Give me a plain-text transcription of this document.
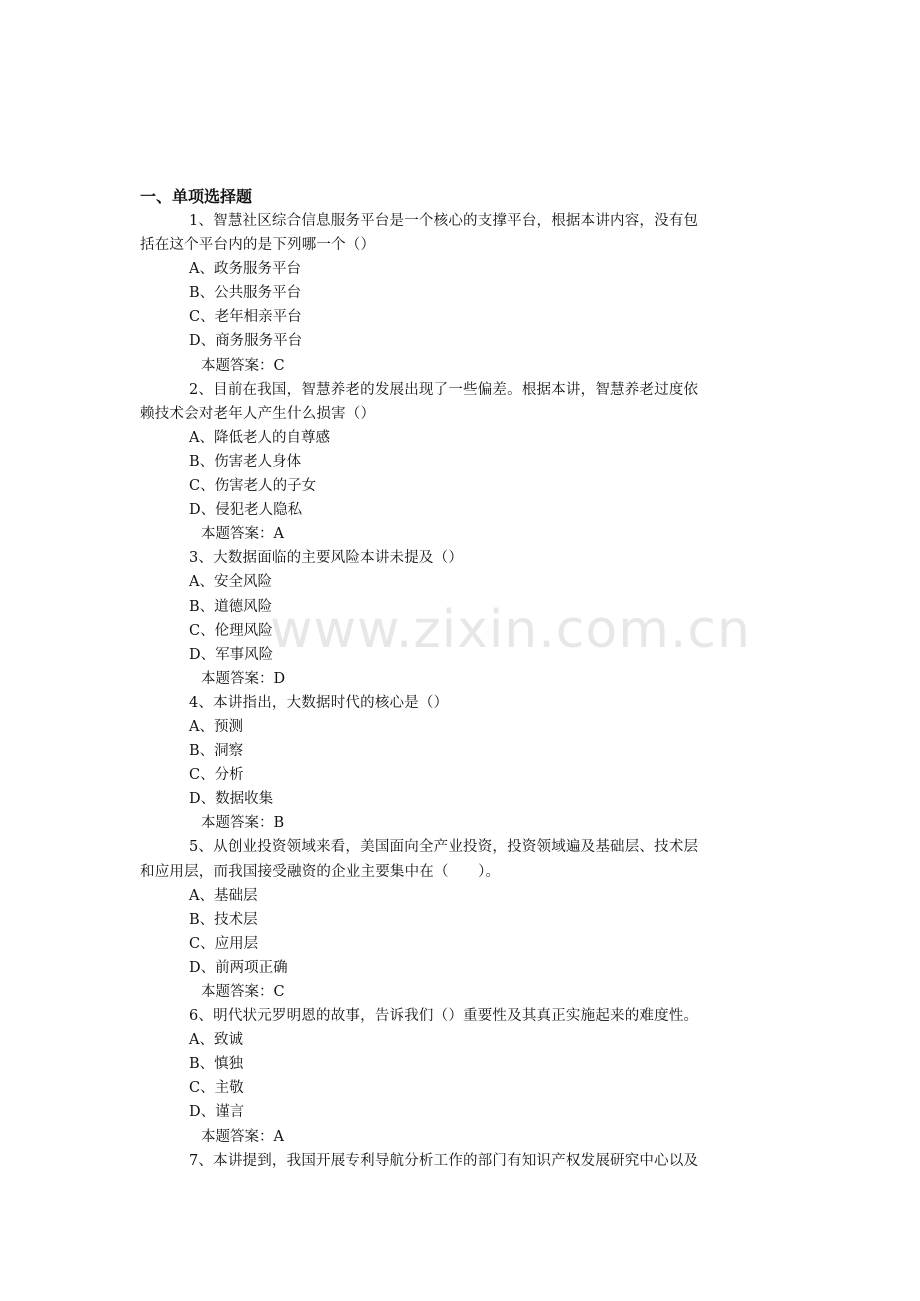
www.zixin.com.cn
一、单项选择题
1、智慧社区综合信息服务平台是一个核心的支撑平台，根据本讲内容，没有包
括在这个平台内的是下列哪一个（）
A、政务服务平台
B、公共服务平台
C、老年相亲平台
D、商务服务平台
本题答案：C
2、目前在我国，智慧养老的发展出现了一些偏差。根据本讲，智慧养老过度依
赖技术会对老年人产生什么损害（）
A、降低老人的自尊感
B、伤害老人身体
C、伤害老人的子女
D、侵犯老人隐私
本题答案：A
3、大数据面临的主要风险本讲未提及（）
A、安全风险
B、道德风险
C、伦理风险
D、军事风险
本题答案：D
4、本讲指出，大数据时代的核心是（）
A、预测
B、洞察
C、分析
D、数据收集
本题答案：B
5、从创业投资领域来看，美国面向全产业投资，投资领域遍及基础层、技术层
和应用层，而我国接受融资的企业主要集中在（　　）。
A、基础层
B、技术层
C、应用层
D、前两项正确
本题答案：C
6、明代状元罗明恩的故事，告诉我们（）重要性及其真正实施起来的难度性。
A、致诚
B、慎独
C、主敬
D、谨言
本题答案：A
7、本讲提到，我国开展专利导航分析工作的部门有知识产权发展研究中心以及
